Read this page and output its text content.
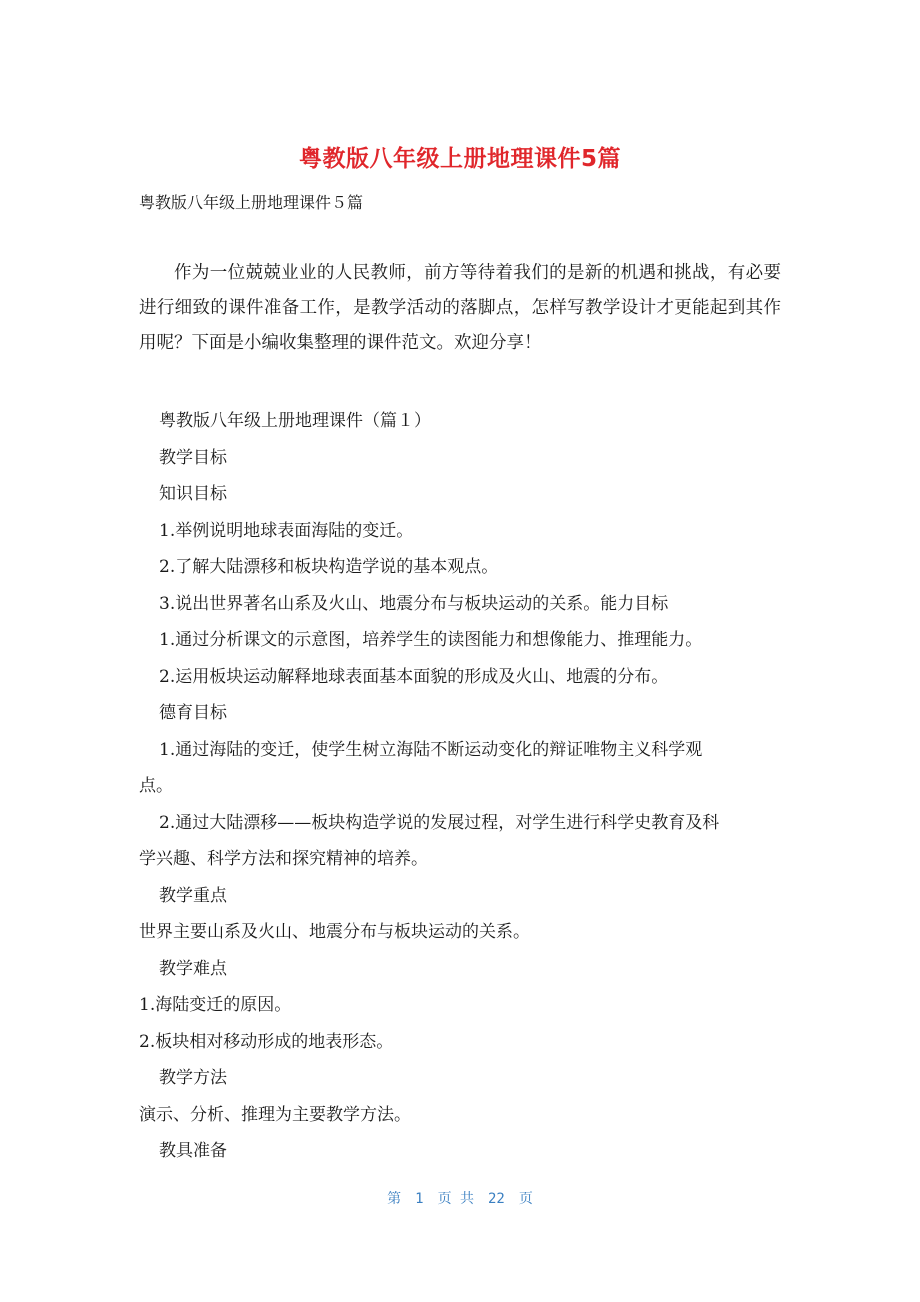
粤教版八年级上册地理课件5篇
粤教版八年级上册地理课件５篇
作为一位兢兢业业的人民教师，前方等待着我们的是新的机遇和挑战，有必要进行细致的课件准备工作，是教学活动的落脚点，怎样写教学设计才更能起到其作用呢？下面是小编收集整理的课件范文。欢迎分享！
粤教版八年级上册地理课件（篇１）
教学目标
知识目标
1.举例说明地球表面海陆的变迁。
2.了解大陆漂移和板块构造学说的基本观点。
3.说出世界著名山系及火山、地震分布与板块运动的关系。能力目标
1.通过分析课文的示意图，培养学生的读图能力和想像能力、推理能力。
2.运用板块运动解释地球表面基本面貌的形成及火山、地震的分布。
德育目标
1.通过海陆的变迁，使学生树立海陆不断运动变化的辩证唯物主义科学观
点。
2.通过大陆漂移——板块构造学说的发展过程，对学生进行科学史教育及科
学兴趣、科学方法和探究精神的培养。
教学重点
世界主要山系及火山、地震分布与板块运动的关系。
教学难点
1.海陆变迁的原因。
2.板块相对移动形成的地表形态。
教学方法
演示、分析、推理为主要教学方法。
教具准备
第　1　页 共　22　页
